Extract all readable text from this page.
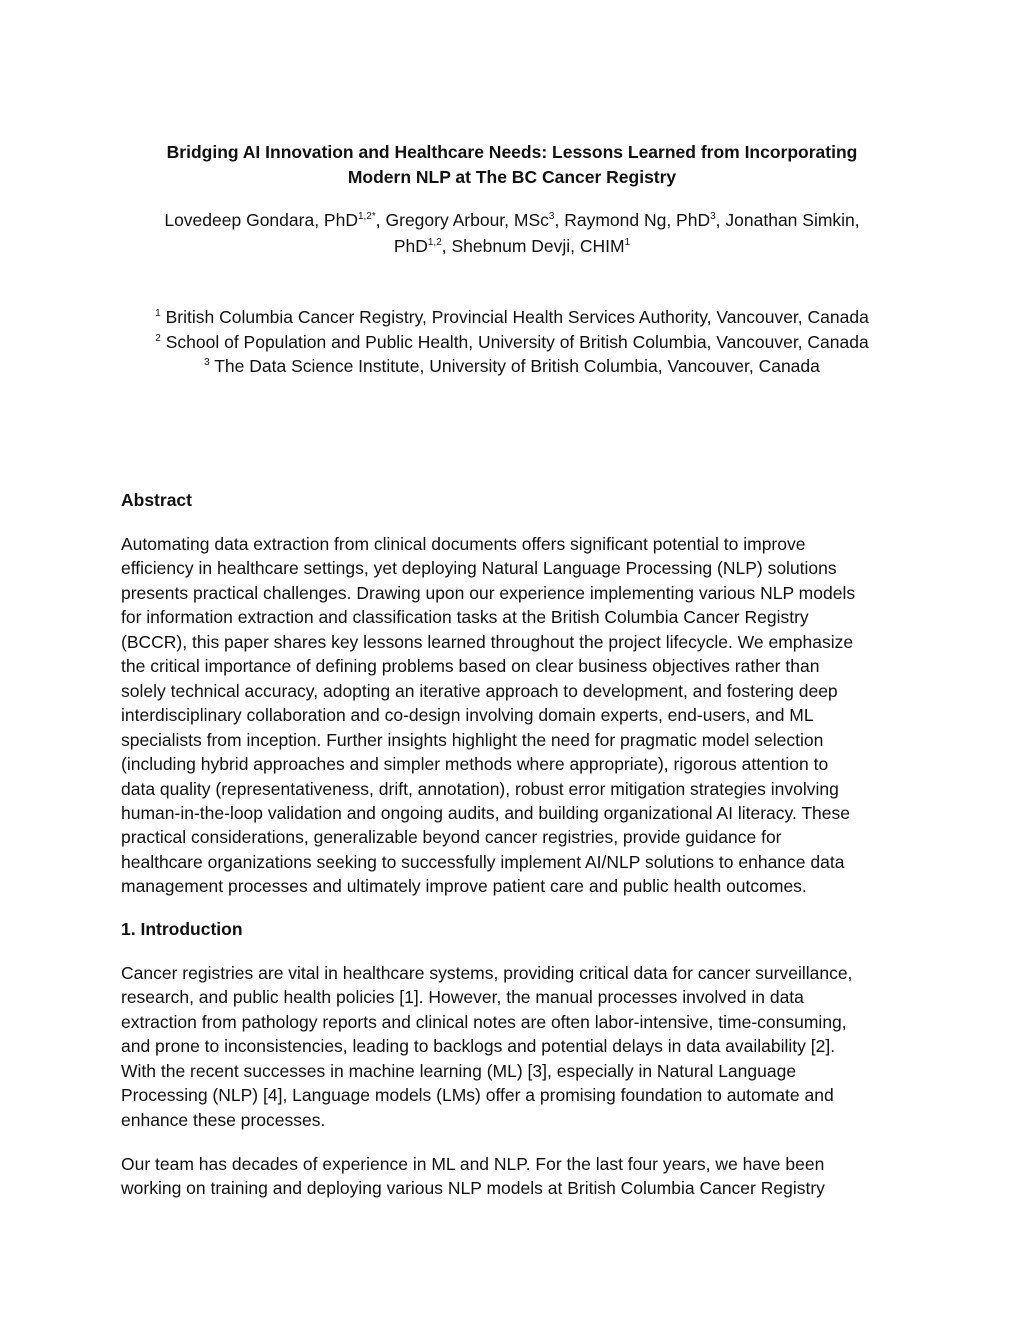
Bridging AI Innovation and Healthcare Needs: Lessons Learned from Incorporating
Modern NLP at The BC Cancer Registry
Lovedeep Gondara, PhD$^{1,2*}$, Gregory Arbour, MSc$^3$, Raymond Ng, PhD$^3$, Jonathan Simkin,
PhD$^{1,2}$, Shebnum Devji, CHIM$^1$
$^1$ British Columbia Cancer Registry, Provincial Health Services Authority, Vancouver, Canada
$^2$ School of Population and Public Health, University of British Columbia, Vancouver, Canada
$^3$ The Data Science Institute, University of British Columbia, Vancouver, Canada
Abstract
Automating data extraction from clinical documents offers significant potential to improve
efficiency in healthcare settings, yet deploying Natural Language Processing (NLP) solutions
presents practical challenges. Drawing upon our experience implementing various NLP models
for information extraction and classification tasks at the British Columbia Cancer Registry
(BCCR), this paper shares key lessons learned throughout the project lifecycle. We emphasize
the critical importance of defining problems based on clear business objectives rather than
solely technical accuracy, adopting an iterative approach to development, and fostering deep
interdisciplinary collaboration and co-design involving domain experts, end-users, and ML
specialists from inception. Further insights highlight the need for pragmatic model selection
(including hybrid approaches and simpler methods where appropriate), rigorous attention to
data quality (representativeness, drift, annotation), robust error mitigation strategies involving
human-in-the-loop validation and ongoing audits, and building organizational AI literacy. These
practical considerations, generalizable beyond cancer registries, provide guidance for
healthcare organizations seeking to successfully implement AI/NLP solutions to enhance data
management processes and ultimately improve patient care and public health outcomes.
1. Introduction
Cancer registries are vital in healthcare systems, providing critical data for cancer surveillance,
research, and public health policies [1]. However, the manual processes involved in data
extraction from pathology reports and clinical notes are often labor-intensive, time-consuming,
and prone to inconsistencies, leading to backlogs and potential delays in data availability [2].
With the recent successes in machine learning (ML) [3], especially in Natural Language
Processing (NLP) [4], Language models (LMs) offer a promising foundation to automate and
enhance these processes.
Our team has decades of experience in ML and NLP. For the last four years, we have been
working on training and deploying various NLP models at British Columbia Cancer Registry
